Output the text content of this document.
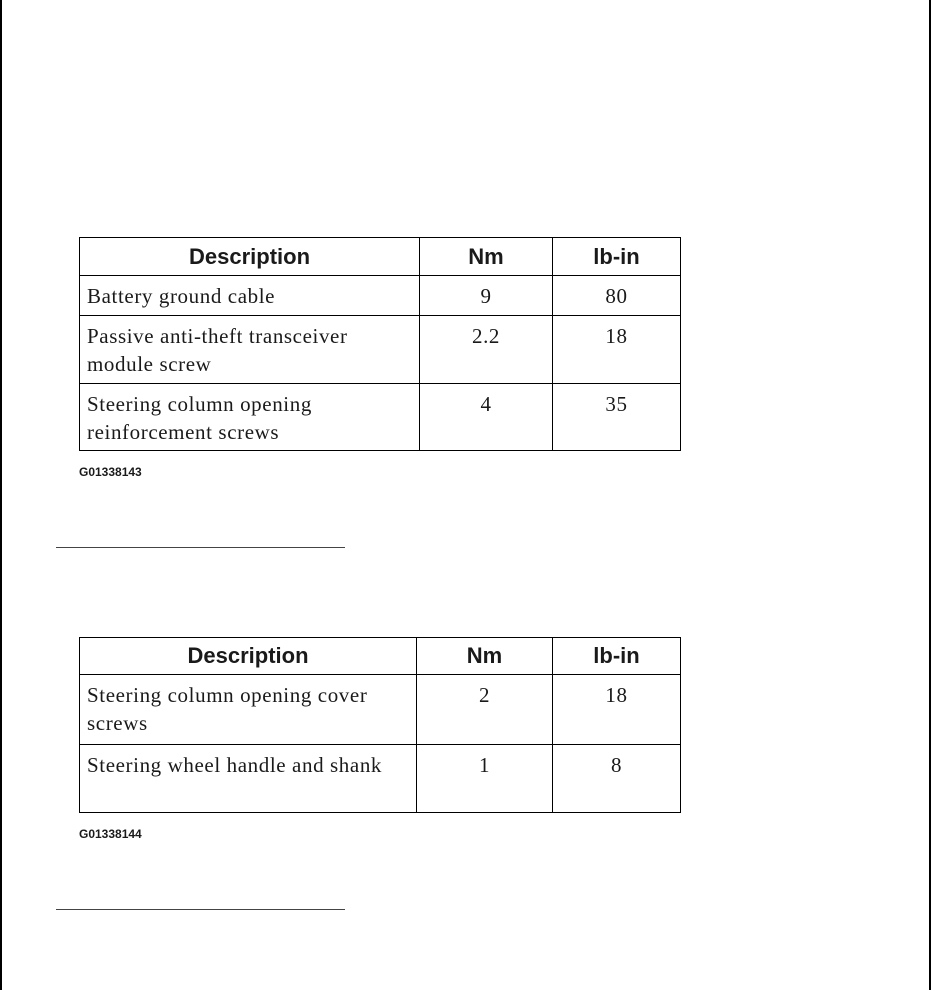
Description	Nm	lb-in
Battery ground cable	9	80
Passive anti-theft transceiver module screw	2.2	18
Steering column opening reinforcement screws	4	35
G01338143
Description	Nm	lb-in
Steering column opening cover screws	2	18
Steering wheel handle and shank	1	8
G01338144
